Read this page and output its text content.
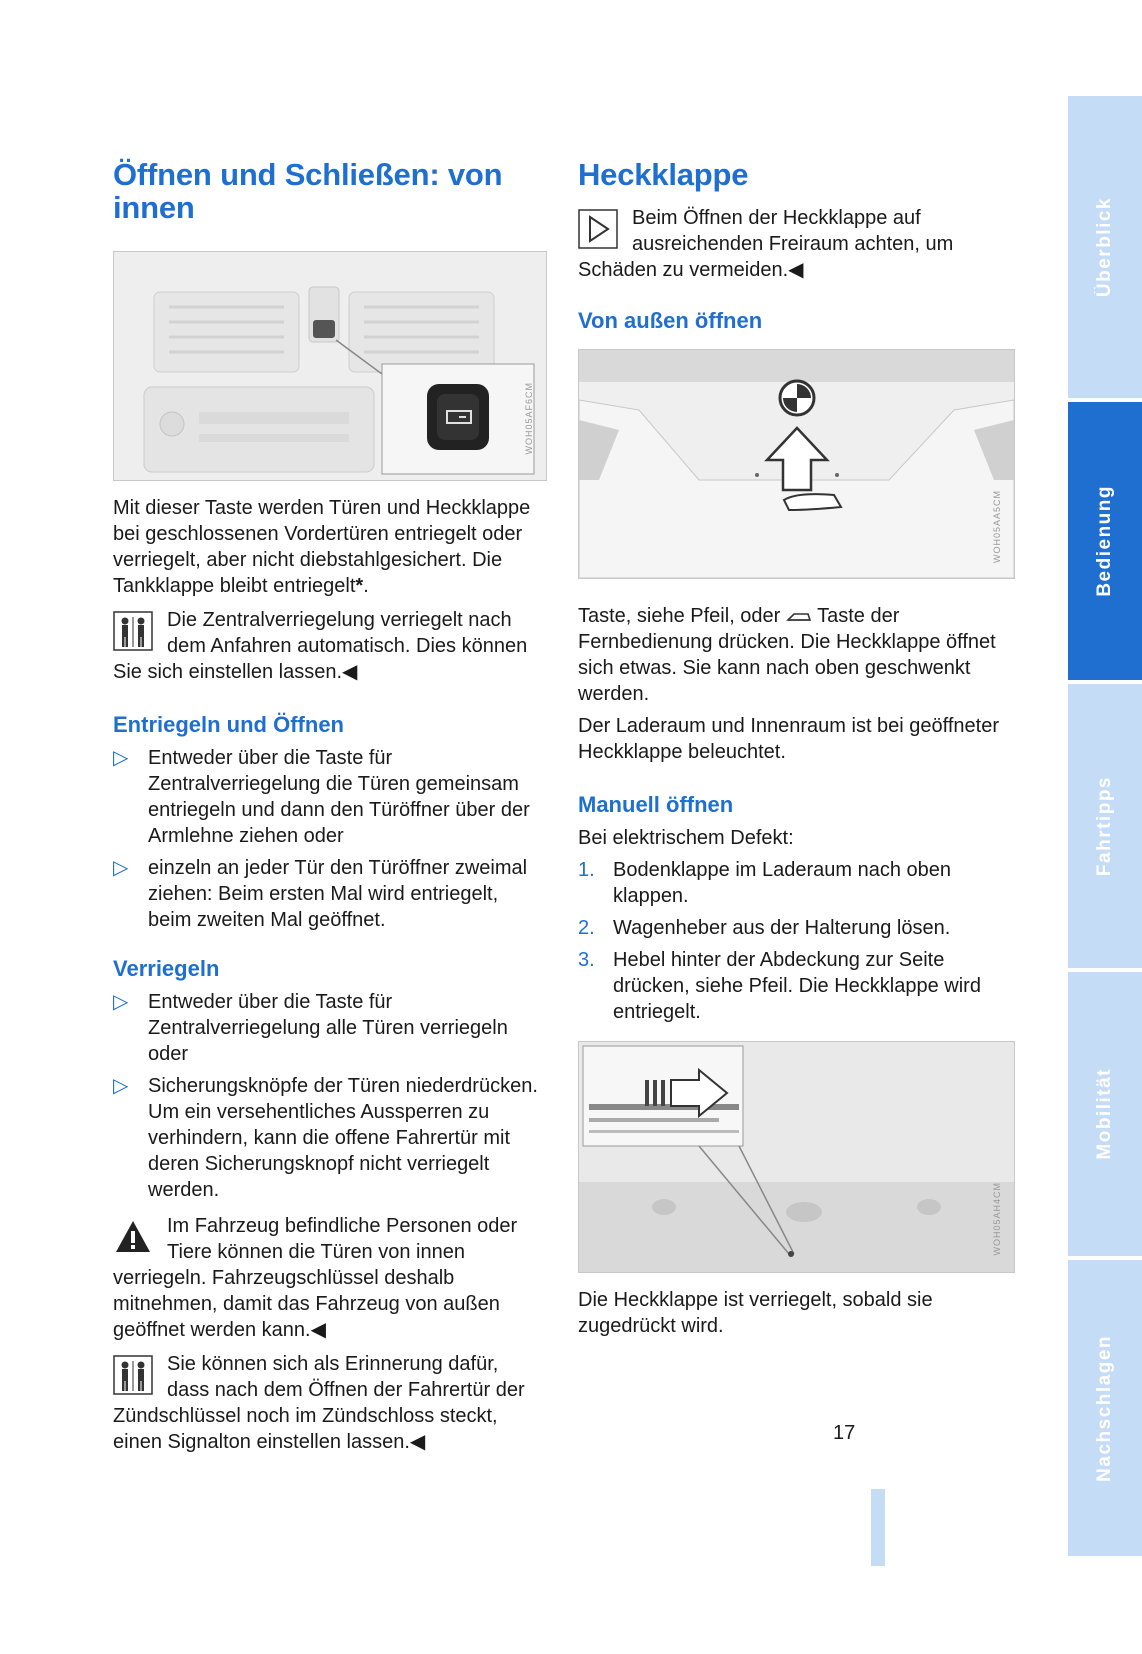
Öffnen und Schließen: von innen
WOH05AF6CM

Mit dieser Taste werden Türen und Heckklappe bei geschlossenen Vordertüren entriegelt oder verriegelt, aber nicht diebstahlgesichert. Die Tankklappe bleibt entriegelt*.

Die Zentralverriegelung verriegelt nach dem Anfahren automatisch. Dies können Sie sich einstellen lassen.◀
Entriegeln und Öffnen
▷ Entweder über die Taste für Zentralverriegelung die Türen gemeinsam entriegeln und dann den Türöffner über der Armlehne ziehen oder
▷ einzeln an jeder Tür den Türöffner zweimal ziehen: Beim ersten Mal wird entriegelt, beim zweiten Mal geöffnet.
Verriegeln
▷ Entweder über die Taste für Zentralverriegelung alle Türen verriegeln oder
▷ Sicherungsknöpfe der Türen niederdrücken. Um ein versehentliches Aussperren zu verhindern, kann die offene Fahrertür mit deren Sicherungsknopf nicht verriegelt werden.
Im Fahrzeug befindliche Personen oder Tiere können die Türen von innen verriegeln. Fahrzeugschlüssel deshalb mitnehmen, damit das Fahrzeug von außen geöffnet werden kann.◀
Sie können sich als Erinnerung dafür, dass nach dem Öffnen der Fahrertür der Zündschlüssel noch im Zündschloss steckt, einen Signalton einstellen lassen.◀
Heckklappe
Beim Öffnen der Heckklappe auf ausreichenden Freiraum achten, um Schäden zu vermeiden.◀
Von außen öffnen
WOH05AA5CM

Taste, siehe Pfeil, oder Taste der Fernbedienung drücken. Die Heckklappe öffnet sich etwas. Sie kann nach oben geschwenkt werden.

Der Laderaum und Innenraum ist bei geöffneter Heckklappe beleuchtet.

Manuell öffnen

Bei elektrischem Defekt:

1. Bodenklappe im Laderaum nach oben klappen.
2. Wagenheber aus der Halterung lösen.
3. Hebel hinter der Abdeckung zur Seite drücken, siehe Pfeil. Die Heckklappe wird entriegelt.
WOH05AH4CM

Die Heckklappe ist verriegelt, sobald sie zugedrückt wird.

Überblick
Bedienung
Fahrtipps
Mobilität
Nachschlagen
17
